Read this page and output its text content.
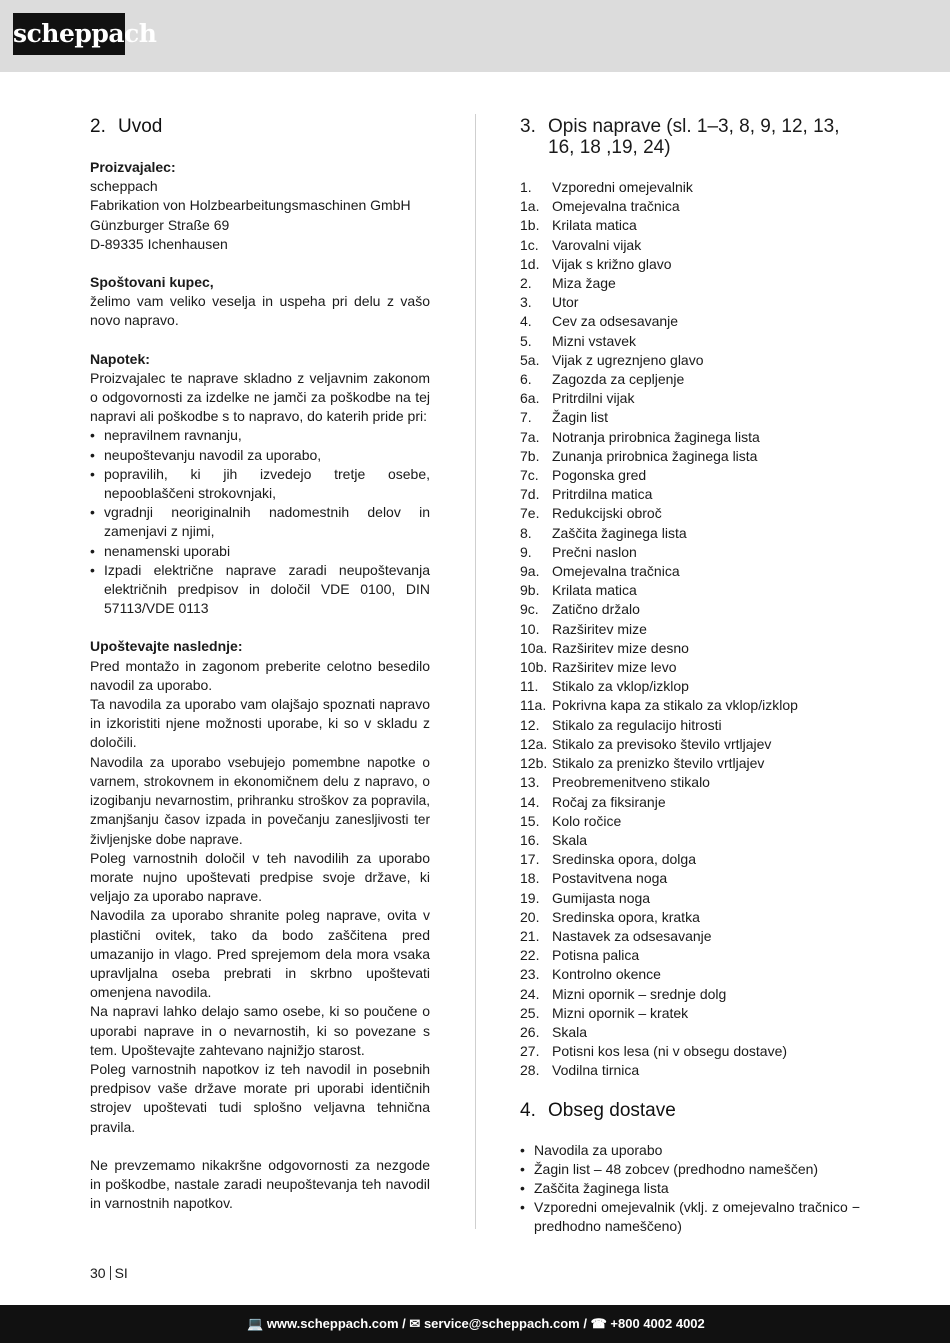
scheppach
2. Uvod

Proizvajalec:

scheppach

Fabrikation von Holzbearbeitungsmaschinen GmbH

Günzburger Straße 69

D-89335 Ichenhausen

Spoštovani kupec,

želimo vam veliko veselja in uspeha pri delu z vašo novo napravo.

Napotek:

Proizvajalec te naprave skladno z veljavnim zakonom o odgovornosti za izdelke ne jamči za poškodbe na tej napravi ali poškodbe s to napravo, do katerih pride pri:

• nepravilnem ravnanju,
• neupoštevanju navodil za uporabo,
• popravilih, ki jih izvedejo tretje osebe, nepooblaščeni strokovnjaki,
• vgradnji neoriginalnih nadomestnih delov in zamenjavi z njimi,
• nenamenski uporabi
• Izpadi električne naprave zaradi neupoštevanja električnih predpisov in določil VDE 0100, DIN 57113/VDE 0113

Upoštevajte naslednje:

Pred montažo in zagonom preberite celotno besedilo navodil za uporabo.

Ta navodila za uporabo vam olajšajo spoznati napravo in izkoristiti njene možnosti uporabe, ki so v skladu z določili.

Navodila za uporabo vsebujejo pomembne napotke o varnem, strokovnem in ekonomičnem delu z napravo, o izogibanju nevarnostim, prihranku stroškov za popravila, zmanjšanju časov izpada in povečanju zanesljivosti ter življenjske dobe naprave.

Poleg varnostnih določil v teh navodilih za uporabo morate nujno upoštevati predpise svoje države, ki veljajo za uporabo naprave.

Navodila za uporabo shranite poleg naprave, ovita v plastični ovitek, tako da bodo zaščitena pred umazanijo in vlago. Pred sprejemom dela mora vsaka upravljalna oseba prebrati in skrbno upoštevati omenjena navodila.

Na napravi lahko delajo samo osebe, ki so poučene o uporabi naprave in o nevarnostih, ki so povezane s tem. Upoštevajte zahtevano najnižjo starost.

Poleg varnostnih napotkov iz teh navodil in posebnih predpisov vaše države morate pri uporabi identičnih strojev upoštevati tudi splošno veljavna tehnična pravila.

Ne prevzemamo nikakršne odgovornosti za nezgode in poškodbe, nastale zaradi neupoštevanja teh navodil in varnostnih napotkov.

3. Opis naprave (sl. 1–3, 8, 9, 12, 13, 16, 18 ,19, 24)
1.	Vzporedni omejevalnik
1a. Omejevalna tračnica
1b. Krilata matica
1c. Varovalni vijak
1d. Vijak s križno glavo
2.	Miza žage
3.	Utor
4.	Cev za odsesavanje
5.	Mizni vstavek
5a. Vijak z ugreznjeno glavo
6.	Zagozda za cepljenje
6a. Pritrdilni vijak
7.	Žagin list
7a. Notranja prirobnica žaginega lista
7b. Zunanja prirobnica žaginega lista
7c. Pogonska gred
7d. Pritrdilna matica
7e. Redukcijski obroč
8.	Zaščita žaginega lista
9.	Prečni naslon
9a. Omejevalna tračnica
9b. Krilata matica
9c. Zatično držalo
10. Razširitev mize
10a. Razširitev mize desno
10b. Razširitev mize levo
11. Stikalo za vklop/izklop
11a. Pokrivna kapa za stikalo za vklop/izklop
12. Stikalo za regulacijo hitrosti
12a. Stikalo za previsoko število vrtljajev
12b. Stikalo za prenizko število vrtljajev
13. Preobremenitveno stikalo
14. Ročaj za fiksiranje
15. Kolo ročice
16. Skala
17. Sredinska opora, dolga
18. Postavitvena noga
19. Gumijasta noga
20. Sredinska opora, kratka
21. Nastavek za odsesavanje
22. Potisna palica
23. Kontrolno okence
24. Mizni opornik – srednje dolg
25. Mizni opornik – kratek
26. Skala
27. Potisni kos lesa (ni v obsegu dostave)
28. Vodilna tirnica
4. Obseg dostave
• Navodila za uporabo
• Žagin list – 48 zobcev (predhodno nameščen)
• Zaščita žaginega lista
• Vzporedni omejevalnik (vklj. z omejevalno tračnico − predhodno nameščeno)
30 SI
💻 www.scheppach.com / ✉ service@scheppach.com / ☎ +800 4002 4002
